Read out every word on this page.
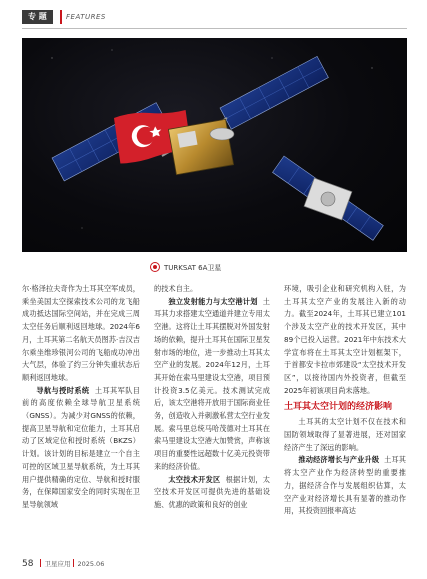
专 题	FEATURES
TURKSAT 6A卫星

尔·格泽拉夫奇作为土耳其空军成员，乘坐美国太空探索技术公司的龙飞船成功抵达国际空间站，并在完成三周太空任务后顺利返回地球。2024年6月，土耳其第二名航天员图苏·吉汉吉尔乘坐维珍银河公司的飞船成功冲出大气层，体验了约三分钟失重状态后顺利返回地球。

导航与授时系统 土耳其军队目前的高度依赖全球导航卫星系统（GNSS）。为减少对GNSS的依赖，提高卫星导航和定位能力，土耳其启动了区域定位和授时系统（BKZS）计划。该计划的目标是建立一个自主可控的区域卫星导航系统，为土耳其用户提供精确的定位、导航和授时服务，在保障国家安全的同时实现在卫星导航领域

的技术自主。

独立发射能力与太空港计划 土耳其力求搭建太空通道并建立专用太空港。这将让土耳其摆脱对外国发射场的依赖，提升土耳其在国际卫星发射市场的地位，进一步推动土耳其太空产业的发展。2024年12月，土耳其开始在索马里建设太空港，项目预计投资3.5亿美元。技术测试完成后，该太空港将开放用于国际商业任务，创造收入并刺激私营太空行业发展。索马里总统马哈茂德对土耳其在索马里建设太空港大加赞赏，声称该项目的重要性远超数十亿美元投资带来的经济价值。

太空技术开发区 根据计划，太空技术开发区可提供先进的基础设施、优惠的政策和良好的创业

环境，吸引企业和研究机构入驻，为土耳其太空产业的发展注入新的动力。截至2024年，土耳其已建立101个涉及太空产业的技术开发区，其中89个已投入运营。2021年中东技术大学宣布将在土耳其太空计划框架下，于首都安卡拉市郊建设“太空技术开发区”，以接待国内外投资者，但截至2025年初该项目尚未落地。

土耳其太空计划的经济影响

土耳其的太空计划不仅在技术和国防领域取得了显著进展，还对国家经济产生了深远的影响。

推动经济增长与产业升级 土耳其将太空产业作为经济转型的重要推力，据经济合作与发展组织估算，太空产业对经济增长具有显著的推动作用，其投资回报率高达

58 卫星应用 2025.06
